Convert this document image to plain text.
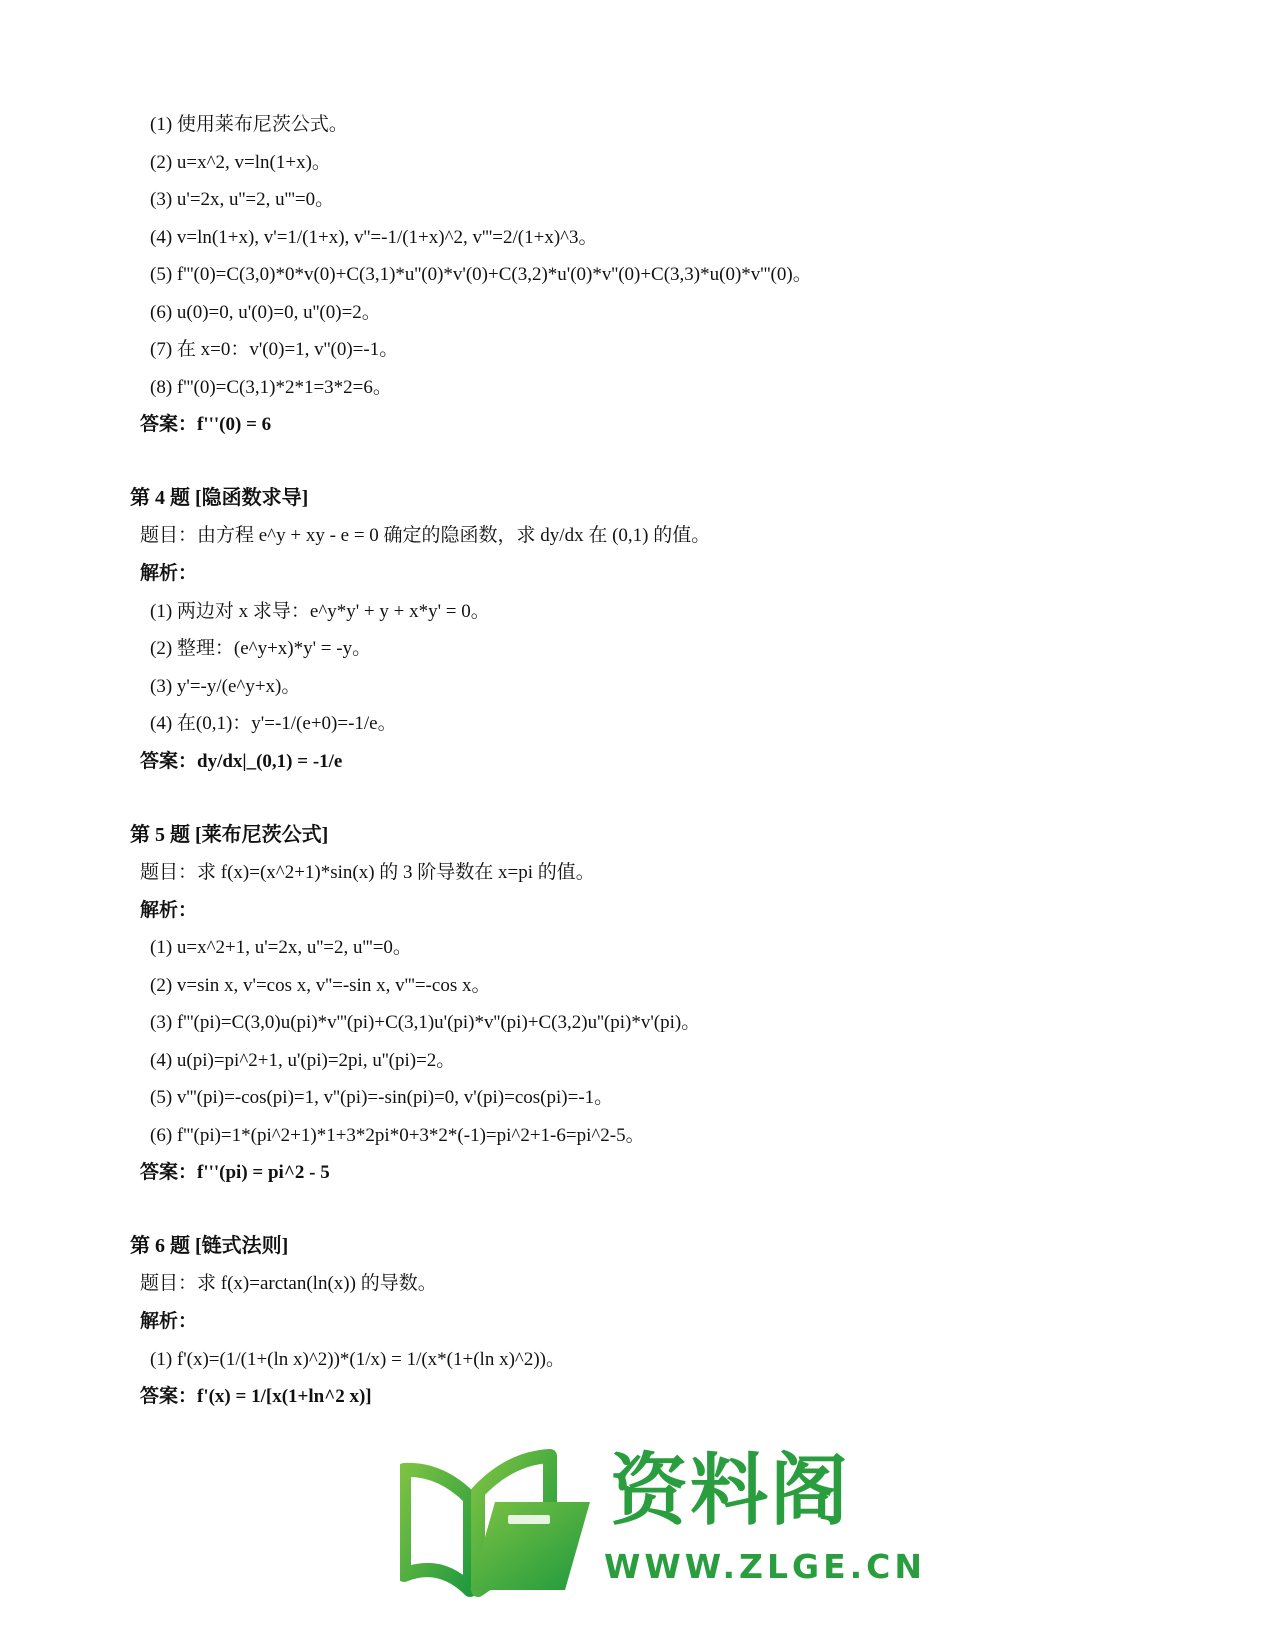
(1) 使用莱布尼茨公式。
(2) u=x^2, v=ln(1+x)。
(3) u'=2x, u''=2, u'''=0。
(4) v=ln(1+x), v'=1/(1+x), v''=-1/(1+x)^2, v'''=2/(1+x)^3。
(5) f'''(0)=C(3,0)*0*v(0)+C(3,1)*u''(0)*v'(0)+C(3,2)*u'(0)*v''(0)+C(3,3)*u(0)*v'''(0)。
(6) u(0)=0, u'(0)=0, u''(0)=2。
(7) 在 x=0：v'(0)=1, v''(0)=-1。
(8) f'''(0)=C(3,1)*2*1=3*2=6。
答案：f'''(0) = 6
第 4 题 [隐函数求导]
题目：由方程 e^y + xy - e = 0 确定的隐函数，求 dy/dx 在 (0,1) 的值。
解析：
(1) 两边对 x 求导：e^y*y' + y + x*y' = 0。
(2) 整理：(e^y+x)*y' = -y。
(3) y'=-y/(e^y+x)。
(4) 在(0,1)：y'=-1/(e+0)=-1/e。
答案：dy/dx|_(0,1) = -1/e
第 5 题 [莱布尼茨公式]
题目：求 f(x)=(x^2+1)*sin(x) 的 3 阶导数在 x=pi 的值。
解析：
(1) u=x^2+1, u'=2x, u''=2, u'''=0。
(2) v=sin x, v'=cos x, v''=-sin x, v'''=-cos x。
(3) f'''(pi)=C(3,0)u(pi)*v'''(pi)+C(3,1)u'(pi)*v''(pi)+C(3,2)u''(pi)*v'(pi)。
(4) u(pi)=pi^2+1, u'(pi)=2pi, u''(pi)=2。
(5) v'''(pi)=-cos(pi)=1, v''(pi)=-sin(pi)=0, v'(pi)=cos(pi)=-1。
(6) f'''(pi)=1*(pi^2+1)*1+3*2pi*0+3*2*(-1)=pi^2+1-6=pi^2-5。
答案：f'''(pi) = pi^2 - 5
第 6 题 [链式法则]
题目：求 f(x)=arctan(ln(x)) 的导数。
解析：
(1) f'(x)=(1/(1+(ln x)^2))*(1/x) = 1/(x*(1+(ln x)^2))。
答案：f'(x) = 1/[x(1+ln^2 x)]
资料阁
WWW.ZLGE.CN
